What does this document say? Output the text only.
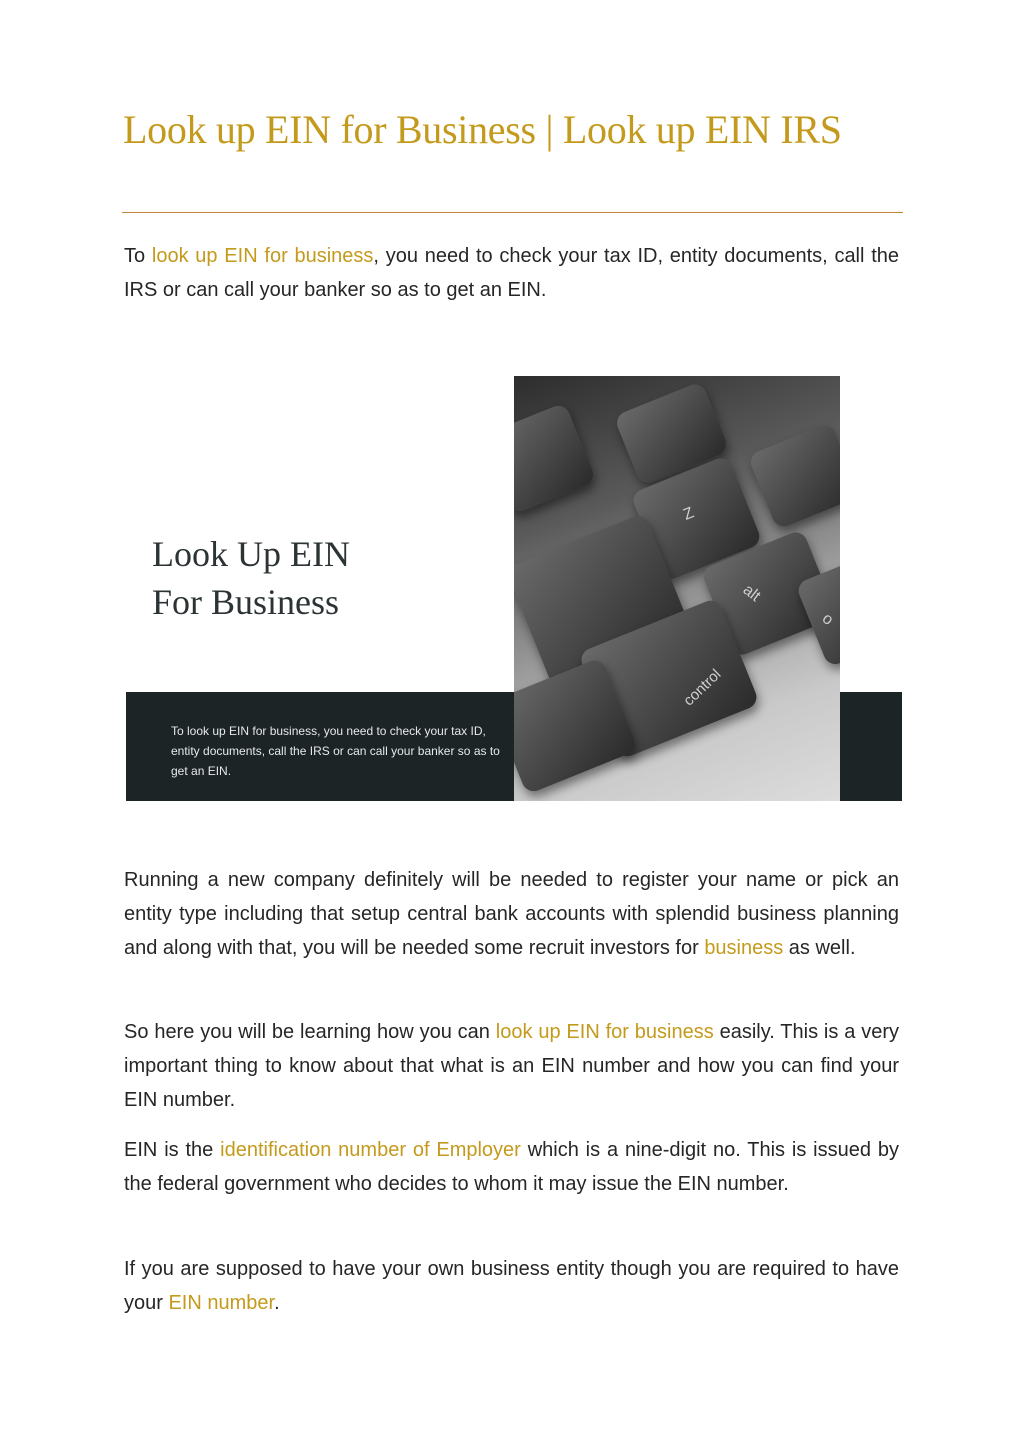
Look up EIN for Business | Look up EIN IRS

To look up EIN for business, you need to check your tax ID, entity documents, call the IRS or can call your banker so as to get an EIN.

Look Up EIN
For Business

To look up EIN for business, you need to check your tax ID, entity documents, call the IRS or can call your banker so as to get an EIN.

Z
alt
o
control

Running a new company definitely will be needed to register your name or pick an entity type including that setup central bank accounts with splendid business planning and along with that, you will be needed some recruit investors for business as well.

So here you will be learning how you can look up EIN for business easily. This is a very important thing to know about that what is an EIN number and how you can find your EIN number.

EIN is the identification number of Employer which is a nine-digit no. This is issued by the federal government who decides to whom it may issue the EIN number.

If you are supposed to have your own business entity though you are required to have your EIN number.
